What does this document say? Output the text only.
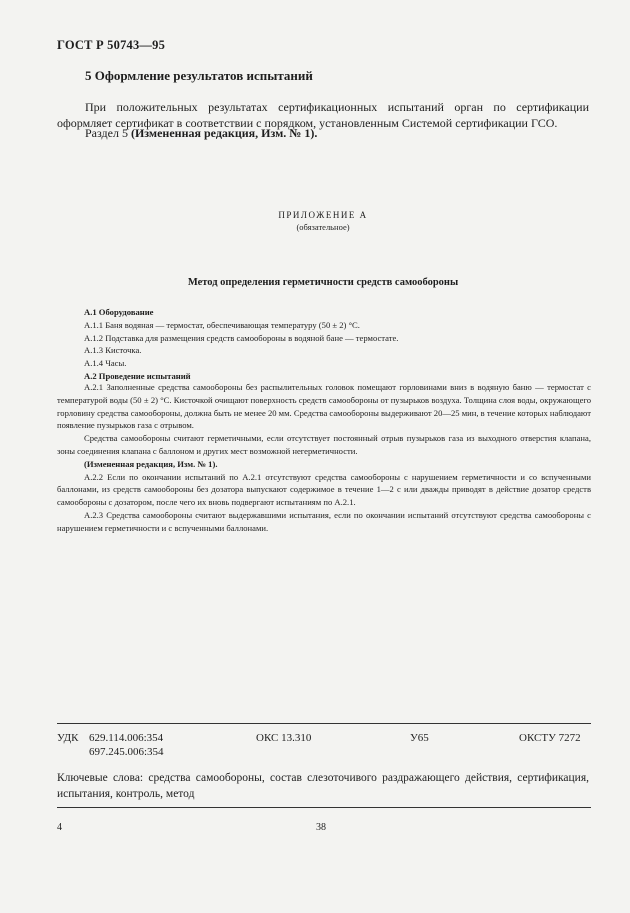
ГОСТ Р 50743—95
5 Оформление результатов испытаний
При положительных результатах сертификационных испытаний орган по сертификации оформляет сертификат в соответствии с порядком, установленным Системой сертификации ГСО.
Раздел 5 (Измененная редакция, Изм. № 1).
ПРИЛОЖЕНИЕ А
(обязательное)
Метод определения герметичности средств самообороны

А.1 Оборудование

А.1.1 Баня водяная — термостат, обеспечивающая температуру (50 ± 2) °С.

А.1.2 Подставка для размещения средств самообороны в водяной бане — термостате.

А.1.3 Кисточка.

А.1.4 Часы.

А.2 Проведение испытаний

А.2.1 Заполненные средства самообороны без распылительных головок помещают горловинами вниз в водяную баню — термостат с температурой воды (50 ± 2) °С. Кисточкой очищают поверхность средств самообороны от пузырьков воздуха. Толщина слоя воды, окружающего горловину средства самообороны, должна быть не менее 20 мм. Средства самообороны выдерживают 20—25 мин, в течение которых наблюдают появление пузырьков газа с отрывом.

Средства самообороны считают герметичными, если отсутствует постоянный отрыв пузырьков газа из выходного отверстия клапана, зоны соединения клапана с баллоном и других мест возможной негерметичности.

(Измененная редакция, Изм. № 1).

А.2.2 Если по окончании испытаний по А.2.1 отсутствуют средства самообороны с нарушением герметичности и со вспученными баллонами, из средств самообороны без дозатора выпускают содержимое в течение 1—2 с или дважды приводят в действие дозатор средств самообороны с дозатором, после чего их вновь подвергают испытаниям по А.2.1.

А.2.3 Средства самообороны считают выдержавшими испытания, если по окончании испытаний отсутствуют средства самообороны с нарушением герметичности и с вспученными баллонами.

УДК 629.114.006:354
697.245.006:354
ОКС 13.310	У65	ОКСТУ 7272
Ключевые слова: средства самообороны, состав слезоточивого раздражающего действия, сертификация, испытания, контроль, метод
4	38
